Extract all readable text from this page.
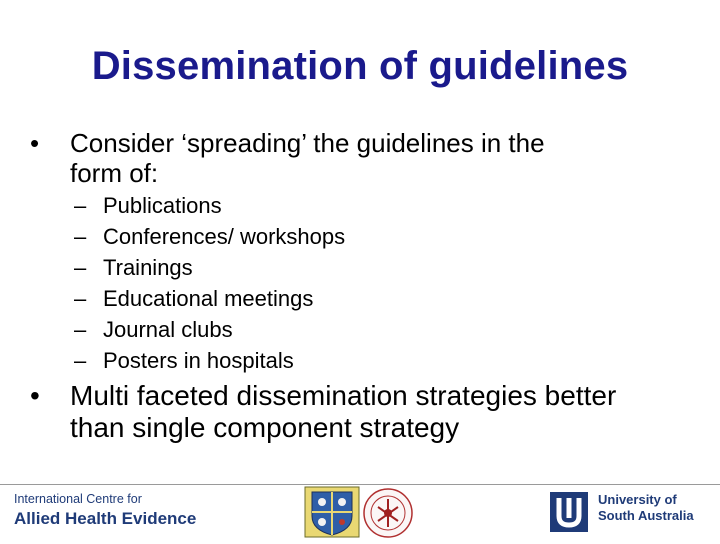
Dissemination of guidelines
•	Consider ‘spreading’ the guidelines in the
form of:
– Publications
– Conferences/ workshops
– Trainings
– Educational meetings
– Journal clubs
– Posters in hospitals
•	Multi faceted dissemination strategies better
than single component strategy
International Centre for
Allied Health Evidence
University of
South Australia
